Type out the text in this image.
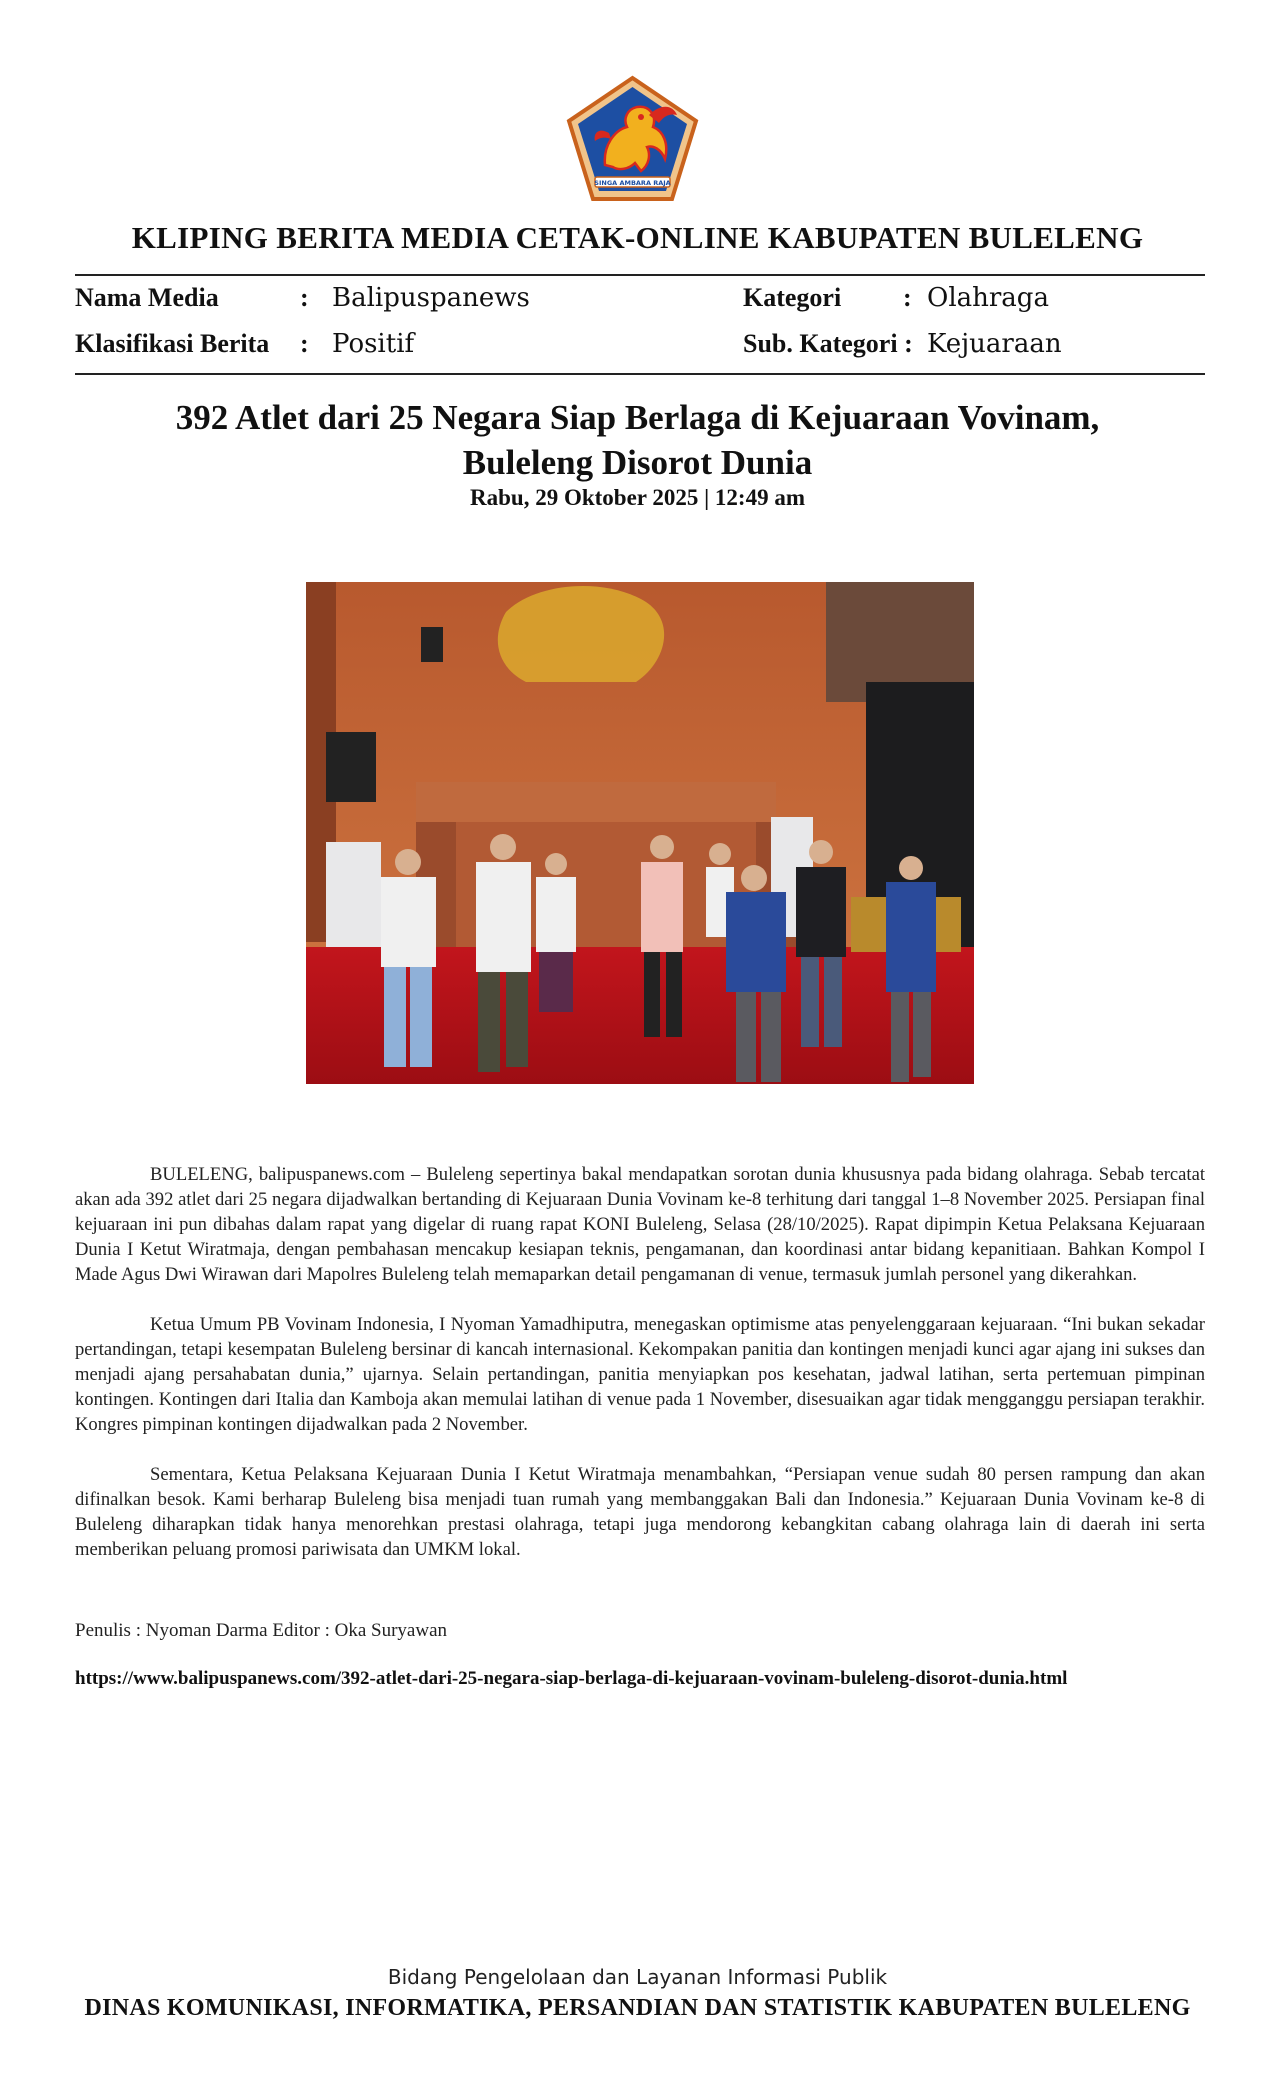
SINGA AMBARA RAJA
KLIPING BERITA MEDIA CETAK-ONLINE KABUPATEN BULELENG
Nama Media	: Balipuspanews	Kategori : Olahraga
Klasifikasi Berita : Positif	Sub. Kategori : Kejuaraan
392 Atlet dari 25 Negara Siap Berlaga di Kejuaraan Vovinam,
Buleleng Disorot Dunia
Rabu, 29 Oktober 2025 | 12:49 am

BULELENG, balipuspanews.com – Buleleng sepertinya bakal mendapatkan sorotan dunia khususnya pada bidang olahraga. Sebab tercatat akan ada 392 atlet dari 25 negara dijadwalkan bertanding di Kejuaraan Dunia Vovinam ke-8 terhitung dari tanggal 1–8 November 2025. Persiapan final kejuaraan ini pun dibahas dalam rapat yang digelar di ruang rapat KONI Buleleng, Selasa (28/10/2025). Rapat dipimpin Ketua Pelaksana Kejuaraan Dunia I Ketut Wiratmaja, dengan pembahasan mencakup kesiapan teknis, pengamanan, dan koordinasi antar bidang kepanitiaan. Bahkan Kompol I Made Agus Dwi Wirawan dari Mapolres Buleleng telah memaparkan detail pengamanan di venue, termasuk jumlah personel yang dikerahkan.

Ketua Umum PB Vovinam Indonesia, I Nyoman Yamadhiputra, menegaskan optimisme atas penyelenggaraan kejuaraan. “Ini bukan sekadar pertandingan, tetapi kesempatan Buleleng bersinar di kancah internasional. Kekompakan panitia dan kontingen menjadi kunci agar ajang ini sukses dan menjadi ajang persahabatan dunia,” ujarnya. Selain pertandingan, panitia menyiapkan pos kesehatan, jadwal latihan, serta pertemuan pimpinan kontingen. Kontingen dari Italia dan Kamboja akan memulai latihan di venue pada 1 November, disesuaikan agar tidak mengganggu persiapan terakhir. Kongres pimpinan kontingen dijadwalkan pada 2 November.

Sementara, Ketua Pelaksana Kejuaraan Dunia I Ketut Wiratmaja menambahkan, “Persiapan venue sudah 80 persen rampung dan akan difinalkan besok. Kami berharap Buleleng bisa menjadi tuan rumah yang membanggakan Bali dan Indonesia.” Kejuaraan Dunia Vovinam ke-8 di Buleleng diharapkan tidak hanya menorehkan prestasi olahraga, tetapi juga mendorong kebangkitan cabang olahraga lain di daerah ini serta memberikan peluang promosi pariwisata dan UMKM lokal.

Penulis : Nyoman Darma Editor : Oka Suryawan
https://www.balipuspanews.com/392-atlet-dari-25-negara-siap-berlaga-di-kejuaraan-vovinam-buleleng-disorot-dunia.html
Bidang Pengelolaan dan Layanan Informasi Publik
DINAS KOMUNIKASI, INFORMATIKA, PERSANDIAN DAN STATISTIK KABUPATEN BULELENG
